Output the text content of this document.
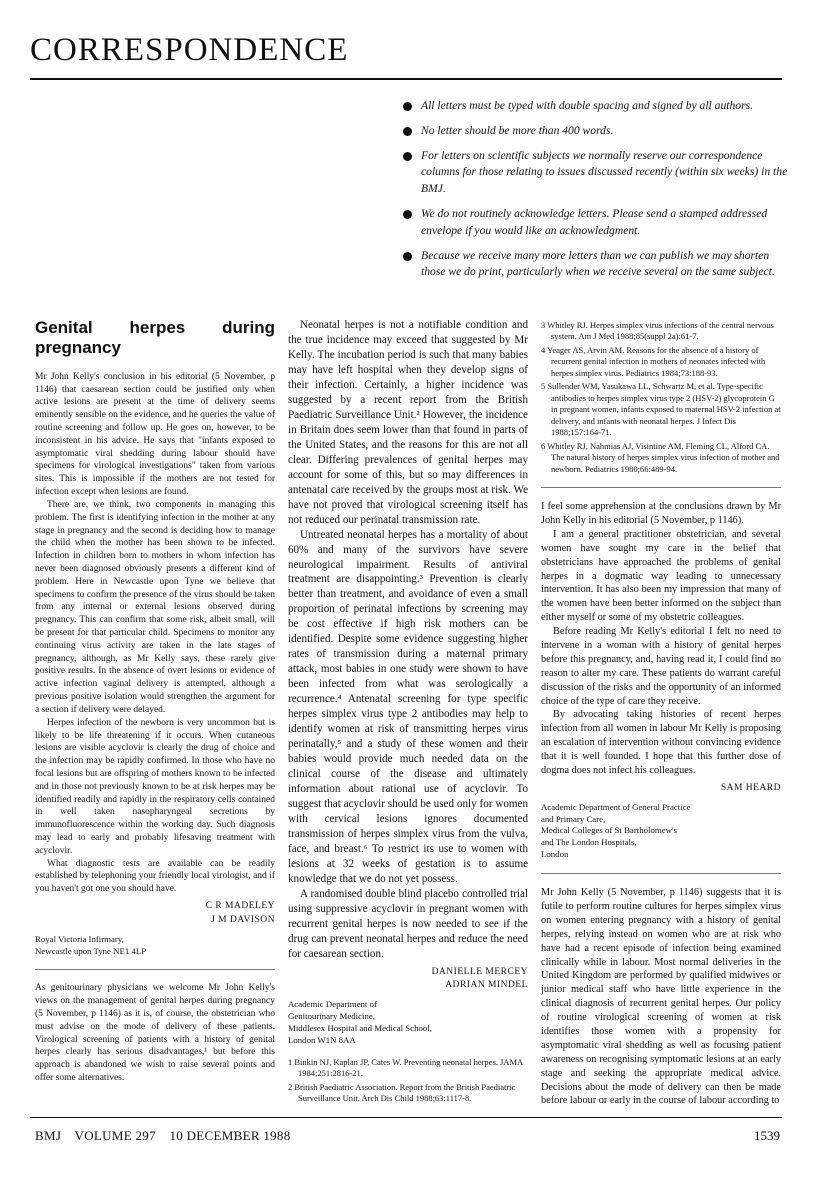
CORRESPONDENCE
All letters must be typed with double spacing and signed by all authors.
No letter should be more than 400 words.
For letters on scientific subjects we normally reserve our correspondence columns for those relating to issues discussed recently (within six weeks) in the BMJ.
We do not routinely acknowledge letters. Please send a stamped addressed envelope if you would like an acknowledgment.
Because we receive many more letters than we can publish we may shorten those we do print, particularly when we receive several on the same subject.
Genital herpes during pregnancy

Mr John Kelly's conclusion in his editorial (5 November, p 1146) that caesarean section could be justified only when active lesions are present at the time of delivery seems eminently sensible on the evidence, and he queries the value of routine screening and follow up. He goes on, however, to be inconsistent in his advice. He says that "infants exposed to asymptomatic viral shedding during labour should have specimens for virological investigations" taken from various sites. This is impossible if the mothers are not tested for infection except when lesions are found.

There are, we think, two components in managing this problem. The first is identifying infection in the mother at any stage in pregnancy and the second is deciding how to manage the child when the mother has been shown to be infected. Infection in children born to mothers in whom infection has never been diagnosed obviously presents a different kind of problem. Here in Newcastle upon Tyne we believe that specimens to confirm the presence of the virus should be taken from any internal or external lesions observed during pregnancy. This can confirm that some risk, albeit small, will be present for that particular child. Specimens to monitor any continuing virus activity are taken in the late stages of pregnancy, although, as Mr Kelly says, these rarely give positive results. In the absence of overt lesions or evidence of active infection vaginal delivery is attempted, although a previous positive isolation would strengthen the argument for a section if delivery were delayed.

Herpes infection of the newborn is very uncommon but is likely to be life threatening if it occurs. When cutaneous lesions are visible acyclovir is clearly the drug of choice and the infection may be rapidly confirmed. In those who have no focal lesions but are offspring of mothers known to be infected and in those not previously known to be at risk herpes may be identified readily and rapidly in the respiratory cells contained in well taken nasopharyngeal secretions by immunofluorescence within the working day. Such diagnosis may lead to early and probably lifesaving treatment with acyclovir.

What diagnostic tests are available can be readily established by telephoning your friendly local virologist, and if you haven't got one you should have.

C R MADELEY
J M DAVISON
Royal Victoria Infirmary,
Newcastle upon Tyne NE1 4LP

As genitourinary physicians we welcome Mr John Kelly's views on the management of genital herpes during pregnancy (5 November, p 1146) as it is, of course, the obstetrician who must advise on the mode of delivery of these patients. Virological screening of patients with a history of genital herpes clearly has serious disadvantages,¹ but before this approach is abandoned we wish to raise several points and offer some alternatives.

Neonatal herpes is not a notifiable condition and the true incidence may exceed that suggested by Mr Kelly. The incubation period is such that many babies may have left hospital when they develop signs of their infection. Certainly, a higher incidence was suggested by a recent report from the British Paediatric Surveillance Unit.² However, the incidence in Britain does seem lower than that found in parts of the United States, and the reasons for this are not all clear. Differing prevalences of genital herpes may account for some of this, but so may differences in antenatal care received by the groups most at risk. We have not proved that virological screening itself has not reduced our perinatal transmission rate.

Untreated neonatal herpes has a mortality of about 60% and many of the survivors have severe neurological impairment. Results of antiviral treatment are disappointing.³ Prevention is clearly better than treatment, and avoidance of even a small proportion of perinatal infections by screening may be cost effective if high risk mothers can be identified. Despite some evidence suggesting higher rates of transmission during a maternal primary attack, most babies in one study were shown to have been infected from what was serologically a recurrence.⁴ Antenatal screening for type specific herpes simplex virus type 2 antibodies may help to identify women at risk of transmitting herpes virus perinatally,⁵ and a study of these women and their babies would provide much needed data on the clinical course of the disease and ultimately information about rational use of acyclovir. To suggest that acyclovir should be used only for women with cervical lesions ignores documented transmission of herpes simplex virus from the vulva, face, and breast.⁶ To restrict its use to women with lesions at 32 weeks of gestation is to assume knowledge that we do not yet possess.

A randomised double blind placebo controlled trial using suppressive acyclovir in pregnant women with recurrent genital herpes is now needed to see if the drug can prevent neonatal herpes and reduce the need for caesarean section.

DANIELLE MERCEY
ADRIAN MINDEL
Academic Department of
Genitourinary Medicine,
Middlesex Hospital and Medical School,
London W1N 8AA
1 Binkin NJ, Kaplan JP, Cates W. Preventing neonatal herpes. JAMA 1984;251:2816-21.
2 British Paediatric Association. Report from the British Paediatric Surveillance Unit. Arch Dis Child 1988;63:1117-8.
3 Whitley RJ. Herpes simplex virus infections of the central nervous system. Am J Med 1988;85(suppl 2a):61-7.
4 Yeager AS, Arvin AM. Reasons for the absence of a history of recurrent genital infection in mothers of neonates infected with herpes simplex virus. Pediatrics 1984;73:188-93.
5 Sullender WM, Yasukawa LL, Schwartz M, et al. Type-specific antibodies to herpes simplex virus type 2 (HSV-2) glycoprotein G in pregnant women, infants exposed to maternal HSV-2 infection at delivery, and infants with neonatal herpes. J Infect Dis 1988;157:164-71.
6 Whitley RJ, Nahmias AJ, Visintine AM, Fleming CL, Alford CA. The natural history of herpes simplex virus infection of mother and newborn. Pediatrics 1980;66:489-94.

I feel some apprehension at the conclusions drawn by Mr John Kelly in his editorial (5 November, p 1146).

I am a general practitioner obstetrician, and several women have sought my care in the belief that obstetricians have approached the problems of genital herpes in a dogmatic way leading to unnecessary intervention. It has also been my impression that many of the women have been better informed on the subject than either myself or some of my obstetric colleagues.

Before reading Mr Kelly's editorial I felt no need to intervene in a woman with a history of genital herpes before this pregnancy, and, having read it, I could find no reason to alter my care. These patients do warrant careful discussion of the risks and the opportunity of an informed choice of the type of care they receive.

By advocating taking histories of recent herpes infection from all women in labour Mr Kelly is proposing an escalation of intervention without convincing evidence that it is well founded. I hope that this further dose of dogma does not infect his colleagues.

SAM HEARD
Academic Department of General Practice
and Primary Care,
Medical Colleges of St Bartholomew's
and The London Hospitals,
London

Mr John Kelly (5 November, p 1146) suggests that it is futile to perform routine cultures for herpes simplex virus on women entering pregnancy with a history of genital herpes, relying instead on women who are at risk who have had a recent episode of infection being examined clinically while in labour. Most normal deliveries in the United Kingdom are performed by qualified midwives or junior medical staff who have little experience in the clinical diagnosis of recurrent genital herpes. Our policy of routine virological screening of women at risk identifies those women with a propensity for asymptomatic viral shedding as well as focusing patient awareness on recognising symptomatic lesions at an early stage and seeking the appropriate medical advice. Decisions about the mode of delivery can then be made before labour or early in the course of labour according to

BMJ VOLUME 297 10 DECEMBER 1988	1539
